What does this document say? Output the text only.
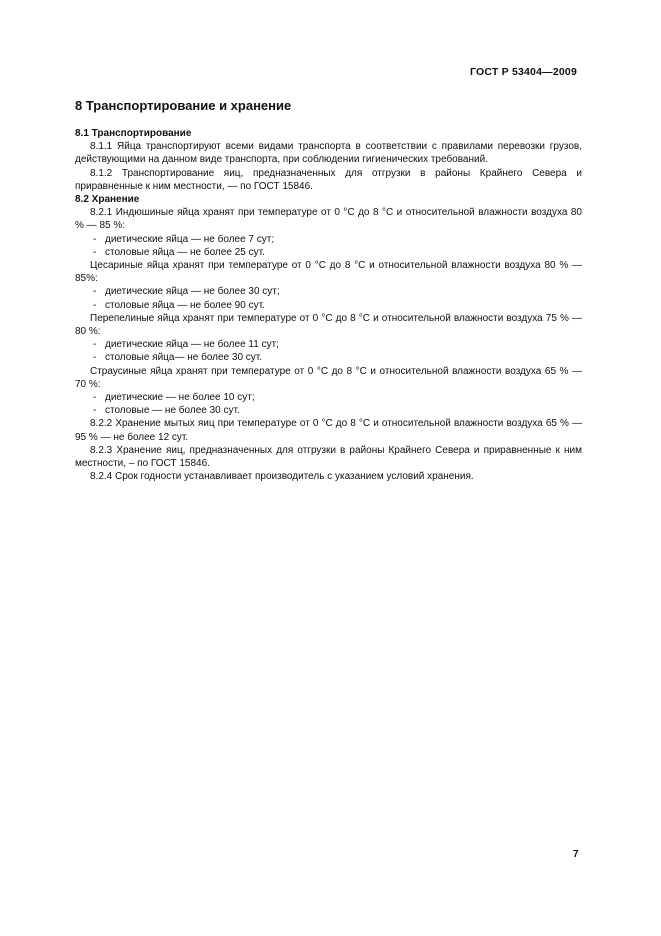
ГОСТ Р 53404—2009
8 Транспортирование и хранение
8.1 Транспортирование

8.1.1 Яйца транспортируют всеми видами транспорта в соответствии с правилами перевозки грузов, действующими на данном виде транспорта, при соблюдении гигиенических требований.

8.1.2 Транспортирование яиц, предназначенных для отгрузки в районы Крайнего Севера и приравненные к ним местности, — по ГОСТ 15846.

8.2 Хранение

8.2.1 Индюшиные яйца хранят при температуре от 0 °С до 8 °С и относительной влажности воздуха 80 % — 85 %:

- диетические яйца — не более 7 сут;
- столовые яйца — не более 25 сут.

Цесариные яйца хранят при температуре от 0 °С до 8 °С и относительной влажности воздуха 80 % — 85%:

- диетические яйца — не более 30 сут;
- столовые яйца — не более 90 сут.

Перепелиные яйца хранят при температуре от 0 °С до 8 °С и относительной влажности воздуха 75 % — 80 %:

- диетические яйца — не более 11 сут;
- столовые яйца— не более 30 сут.

Страусиные яйца хранят при температуре от 0 °С до 8 °С и относительной влажности воздуха 65 % — 70 %:

- диетические — не более 10 сут;
- столовые — не более 30 сут.

8.2.2 Хранение мытых яиц при температуре от 0 °С до 8 °С и относительной влажности воздуха 65 % — 95 % — не более 12 сут.

8.2.3 Хранение яиц, предназначенных для отгрузки в районы Крайнего Севера и приравненные к ним местности, – по ГОСТ 15846.

8.2.4 Срок годности устанавливает производитель с указанием условий хранения.

7
